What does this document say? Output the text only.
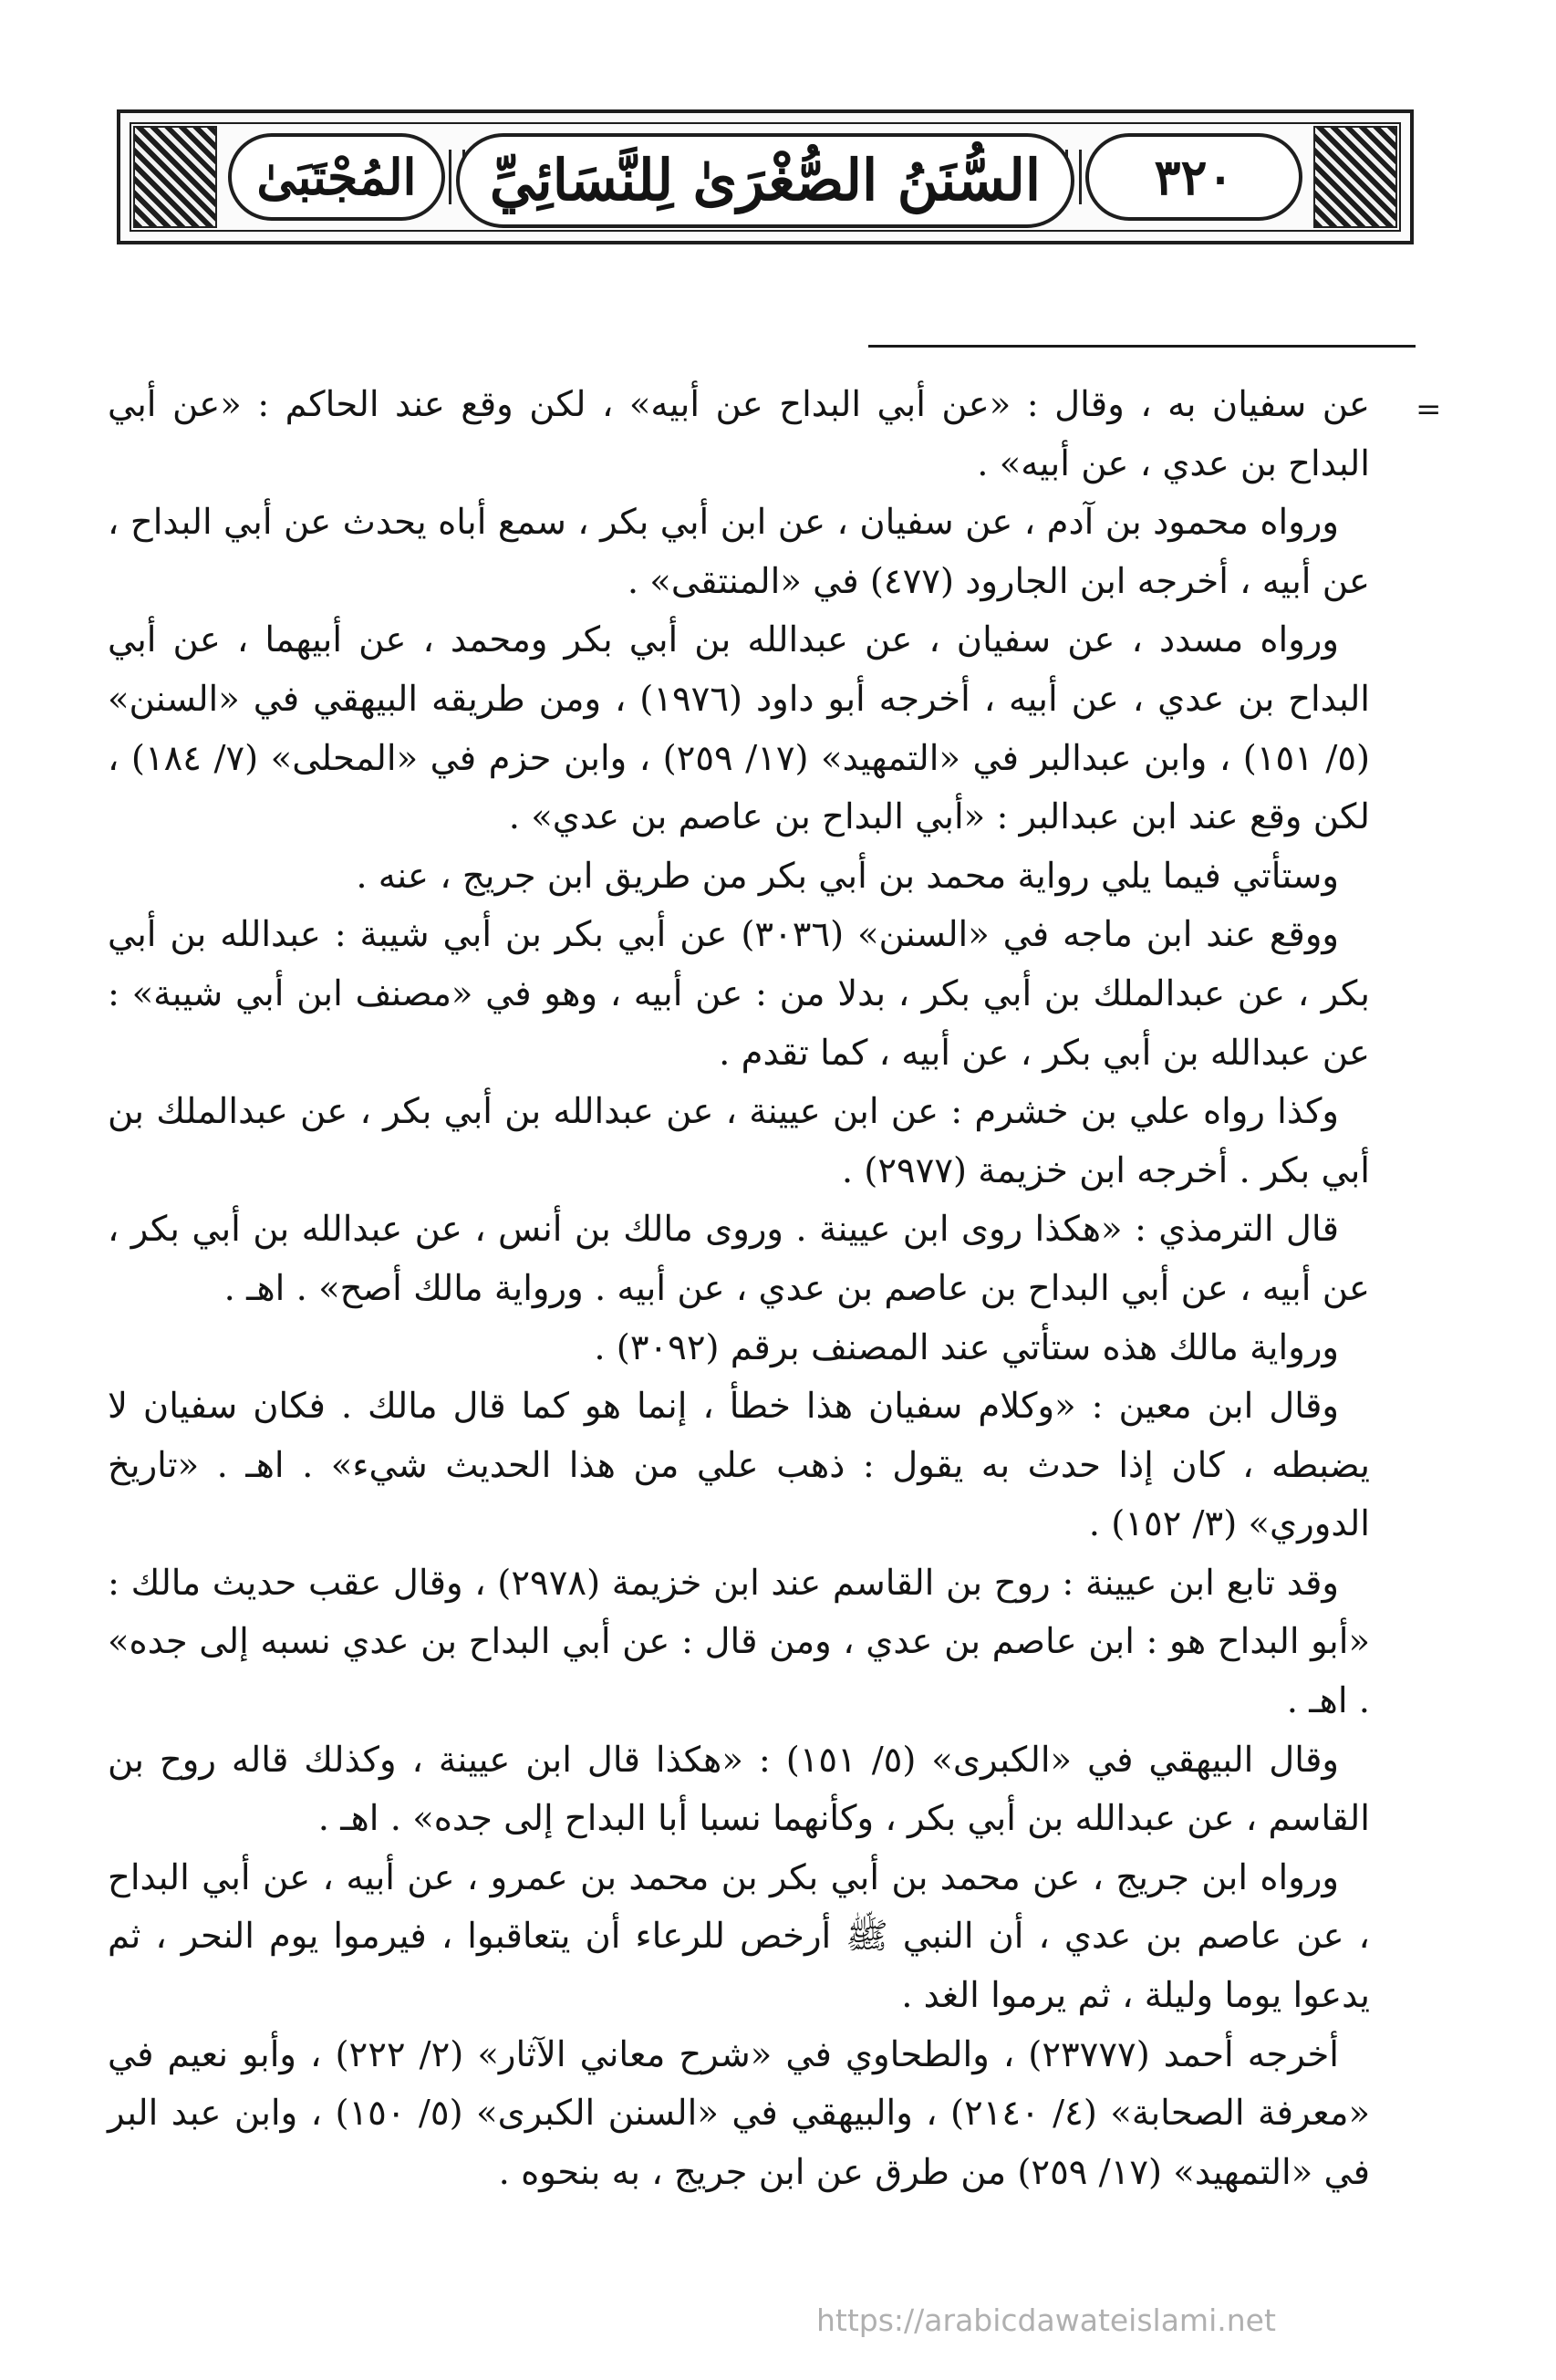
٣٢٠
السُّنَنُ الصُّغْرَىٰ لِلنَّسَائِيِّ
المُجْتَبَىٰ
=

عن سفيان به ، وقال : «عن أبي البداح عن أبيه» ، لكن وقع عند الحاكم : «عن أبي البداح بن عدي ، عن أبيه» .

ورواه محمود بن آدم ، عن سفيان ، عن ابن أبي بكر ، سمع أباه يحدث عن أبي البداح ، عن أبيه ، أخرجه ابن الجارود (٤٧٧) في «المنتقى» .

ورواه مسدد ، عن سفيان ، عن عبدالله بن أبي بكر ومحمد ، عن أبيهما ، عن أبي البداح بن عدي ، عن أبيه ، أخرجه أبو داود (١٩٧٦) ، ومن طريقه البيهقي في «السنن» (٥/ ١٥١) ، وابن عبدالبر في «التمهيد» (١٧/ ٢٥٩) ، وابن حزم في «المحلى» (٧/ ١٨٤) ، لكن وقع عند ابن عبدالبر : «أبي البداح بن عاصم بن عدي» .

وستأتي فيما يلي رواية محمد بن أبي بكر من طريق ابن جريج ، عنه .

ووقع عند ابن ماجه في «السنن» (٣٠٣٦) عن أبي بكر بن أبي شيبة : عبدالله بن أبي بكر ، عن عبدالملك بن أبي بكر ، بدلا من : عن أبيه ، وهو في «مصنف ابن أبي شيبة» : عن عبدالله بن أبي بكر ، عن أبيه ، كما تقدم .

وكذا رواه علي بن خشرم : عن ابن عيينة ، عن عبدالله بن أبي بكر ، عن عبدالملك بن أبي بكر . أخرجه ابن خزيمة (٢٩٧٧) .

قال الترمذي : «هكذا روى ابن عيينة . وروى مالك بن أنس ، عن عبدالله بن أبي بكر ، عن أبيه ، عن أبي البداح بن عاصم بن عدي ، عن أبيه . ورواية مالك أصح» . اهـ .

ورواية مالك هذه ستأتي عند المصنف برقم (٣٠٩٢) .

وقال ابن معين : «وكلام سفيان هذا خطأ ، إنما هو كما قال مالك . فكان سفيان لا يضبطه ، كان إذا حدث به يقول : ذهب علي من هذا الحديث شيء» . اهـ . «تاريخ الدوري» (٣/ ١٥٢) .

وقد تابع ابن عيينة : روح بن القاسم عند ابن خزيمة (٢٩٧٨) ، وقال عقب حديث مالك : «أبو البداح هو : ابن عاصم بن عدي ، ومن قال : عن أبي البداح بن عدي نسبه إلى جده» . اهـ .

وقال البيهقي في «الكبرى» (٥/ ١٥١) : «هكذا قال ابن عيينة ، وكذلك قاله روح بن القاسم ، عن عبدالله بن أبي بكر ، وكأنهما نسبا أبا البداح إلى جده» . اهـ .

ورواه ابن جريج ، عن محمد بن أبي بكر بن محمد بن عمرو ، عن أبيه ، عن أبي البداح ، عن عاصم بن عدي ، أن النبي ﷺ أرخص للرعاء أن يتعاقبوا ، فيرموا يوم النحر ، ثم يدعوا يوما وليلة ، ثم يرموا الغد .

أخرجه أحمد (٢٣٧٧٧) ، والطحاوي في «شرح معاني الآثار» (٢/ ٢٢٢) ، وأبو نعيم في «معرفة الصحابة» (٤/ ٢١٤٠) ، والبيهقي في «السنن الكبرى» (٥/ ١٥٠) ، وابن عبد البر في «التمهيد» (١٧/ ٢٥٩) من طرق عن ابن جريج ، به بنحوه .

https://arabicdawateislami.net
